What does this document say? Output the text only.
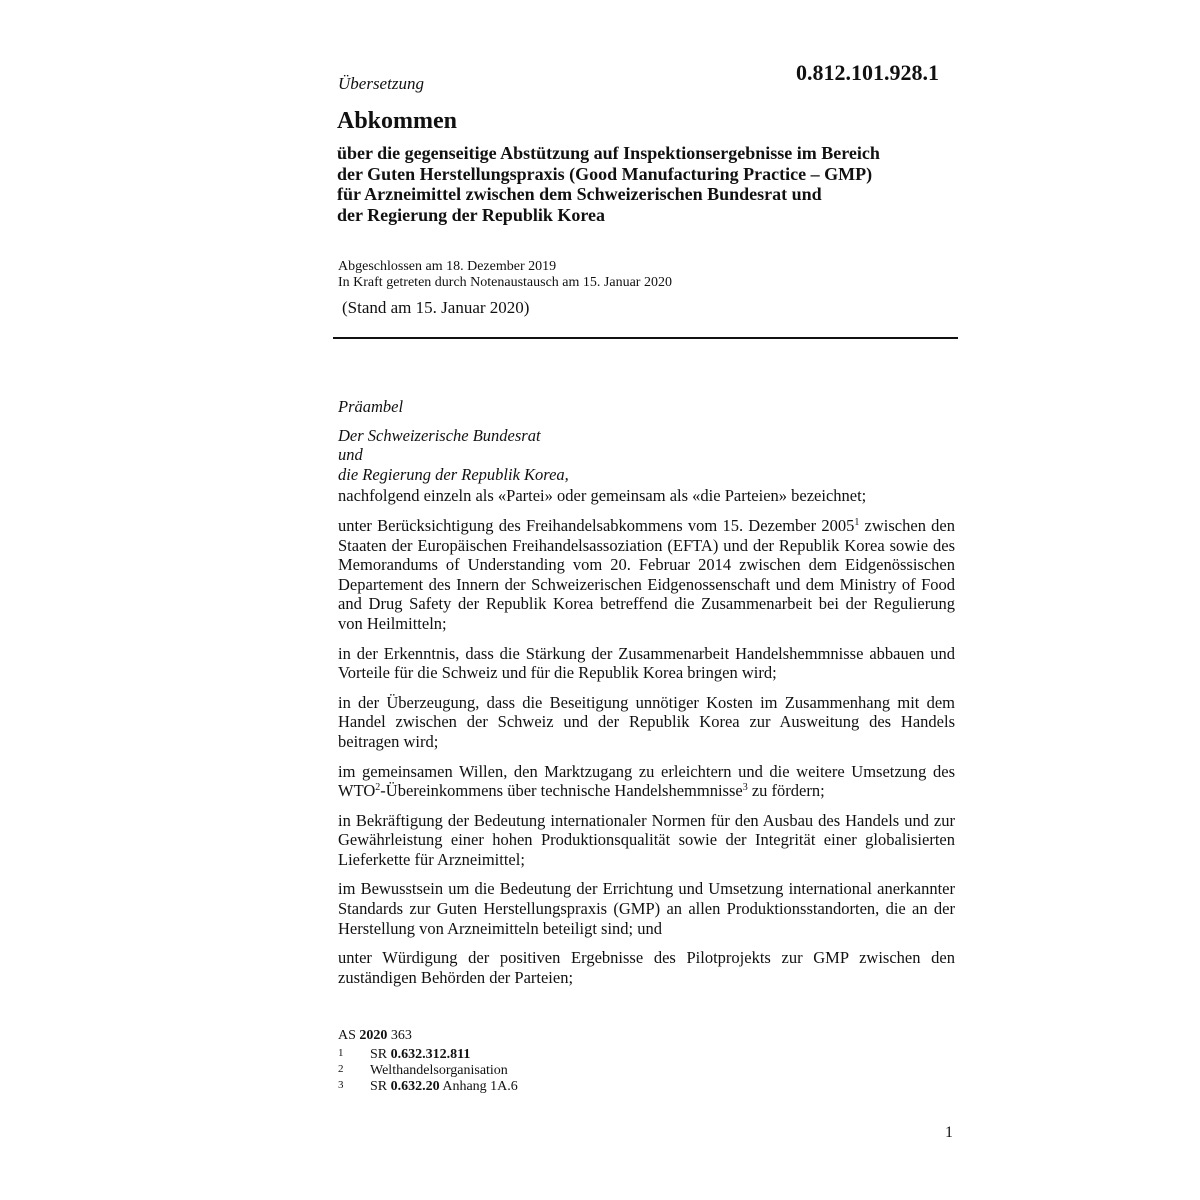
Übersetzung	0.812.101.928.1
Abkommen
über die gegenseitige Abstützung auf Inspektionsergebnisse im Bereich
der Guten Herstellungspraxis (Good Manufacturing Practice – GMP)
für Arzneimittel zwischen dem Schweizerischen Bundesrat und
der Regierung der Republik Korea
Abgeschlossen am 18. Dezember 2019
In Kraft getreten durch Notenaustausch am 15. Januar 2020
(Stand am 15. Januar 2020)

Präambel

Der Schweizerische Bundesrat
und
die Regierung der Republik Korea,

nachfolgend einzeln als «Partei» oder gemeinsam als «die Parteien» bezeichnet;

unter Berücksichtigung des Freihandelsabkommens vom 15. Dezember 2005$^1$ zwischen den Staaten der Europäischen Freihandelsassoziation (EFTA) und der Republik Korea sowie des Memorandums of Understanding vom 20. Februar 2014 zwischen dem Eidgenössischen Departement des Innern der Schweizerischen Eidgenossenschaft und dem Ministry of Food and Drug Safety der Republik Korea betreffend die Zusammenarbeit bei der Regulierung von Heilmitteln;

in der Erkenntnis, dass die Stärkung der Zusammenarbeit Handelshemmnisse abbauen und Vorteile für die Schweiz und für die Republik Korea bringen wird;

in der Überzeugung, dass die Beseitigung unnötiger Kosten im Zusammenhang mit dem Handel zwischen der Schweiz und der Republik Korea zur Ausweitung des Handels beitragen wird;

im gemeinsamen Willen, den Marktzugang zu erleichtern und die weitere Umsetzung des WTO$^2$-Übereinkommens über technische Handelshemmnisse$^3$ zu fördern;

in Bekräftigung der Bedeutung internationaler Normen für den Ausbau des Handels und zur Gewährleistung einer hohen Produktionsqualität sowie der Integrität einer globalisierten Lieferkette für Arzneimittel;

im Bewusstsein um die Bedeutung der Errichtung und Umsetzung international anerkannter Standards zur Guten Herstellungspraxis (GMP) an allen Produktionsstandorten, die an der Herstellung von Arzneimitteln beteiligt sind; und

unter Würdigung der positiven Ergebnisse des Pilotprojekts zur GMP zwischen den zuständigen Behörden der Parteien;

AS 2020 363
1	SR 0.632.312.811
2	Welthandelsorganisation
3	SR 0.632.20 Anhang 1A.6
1
